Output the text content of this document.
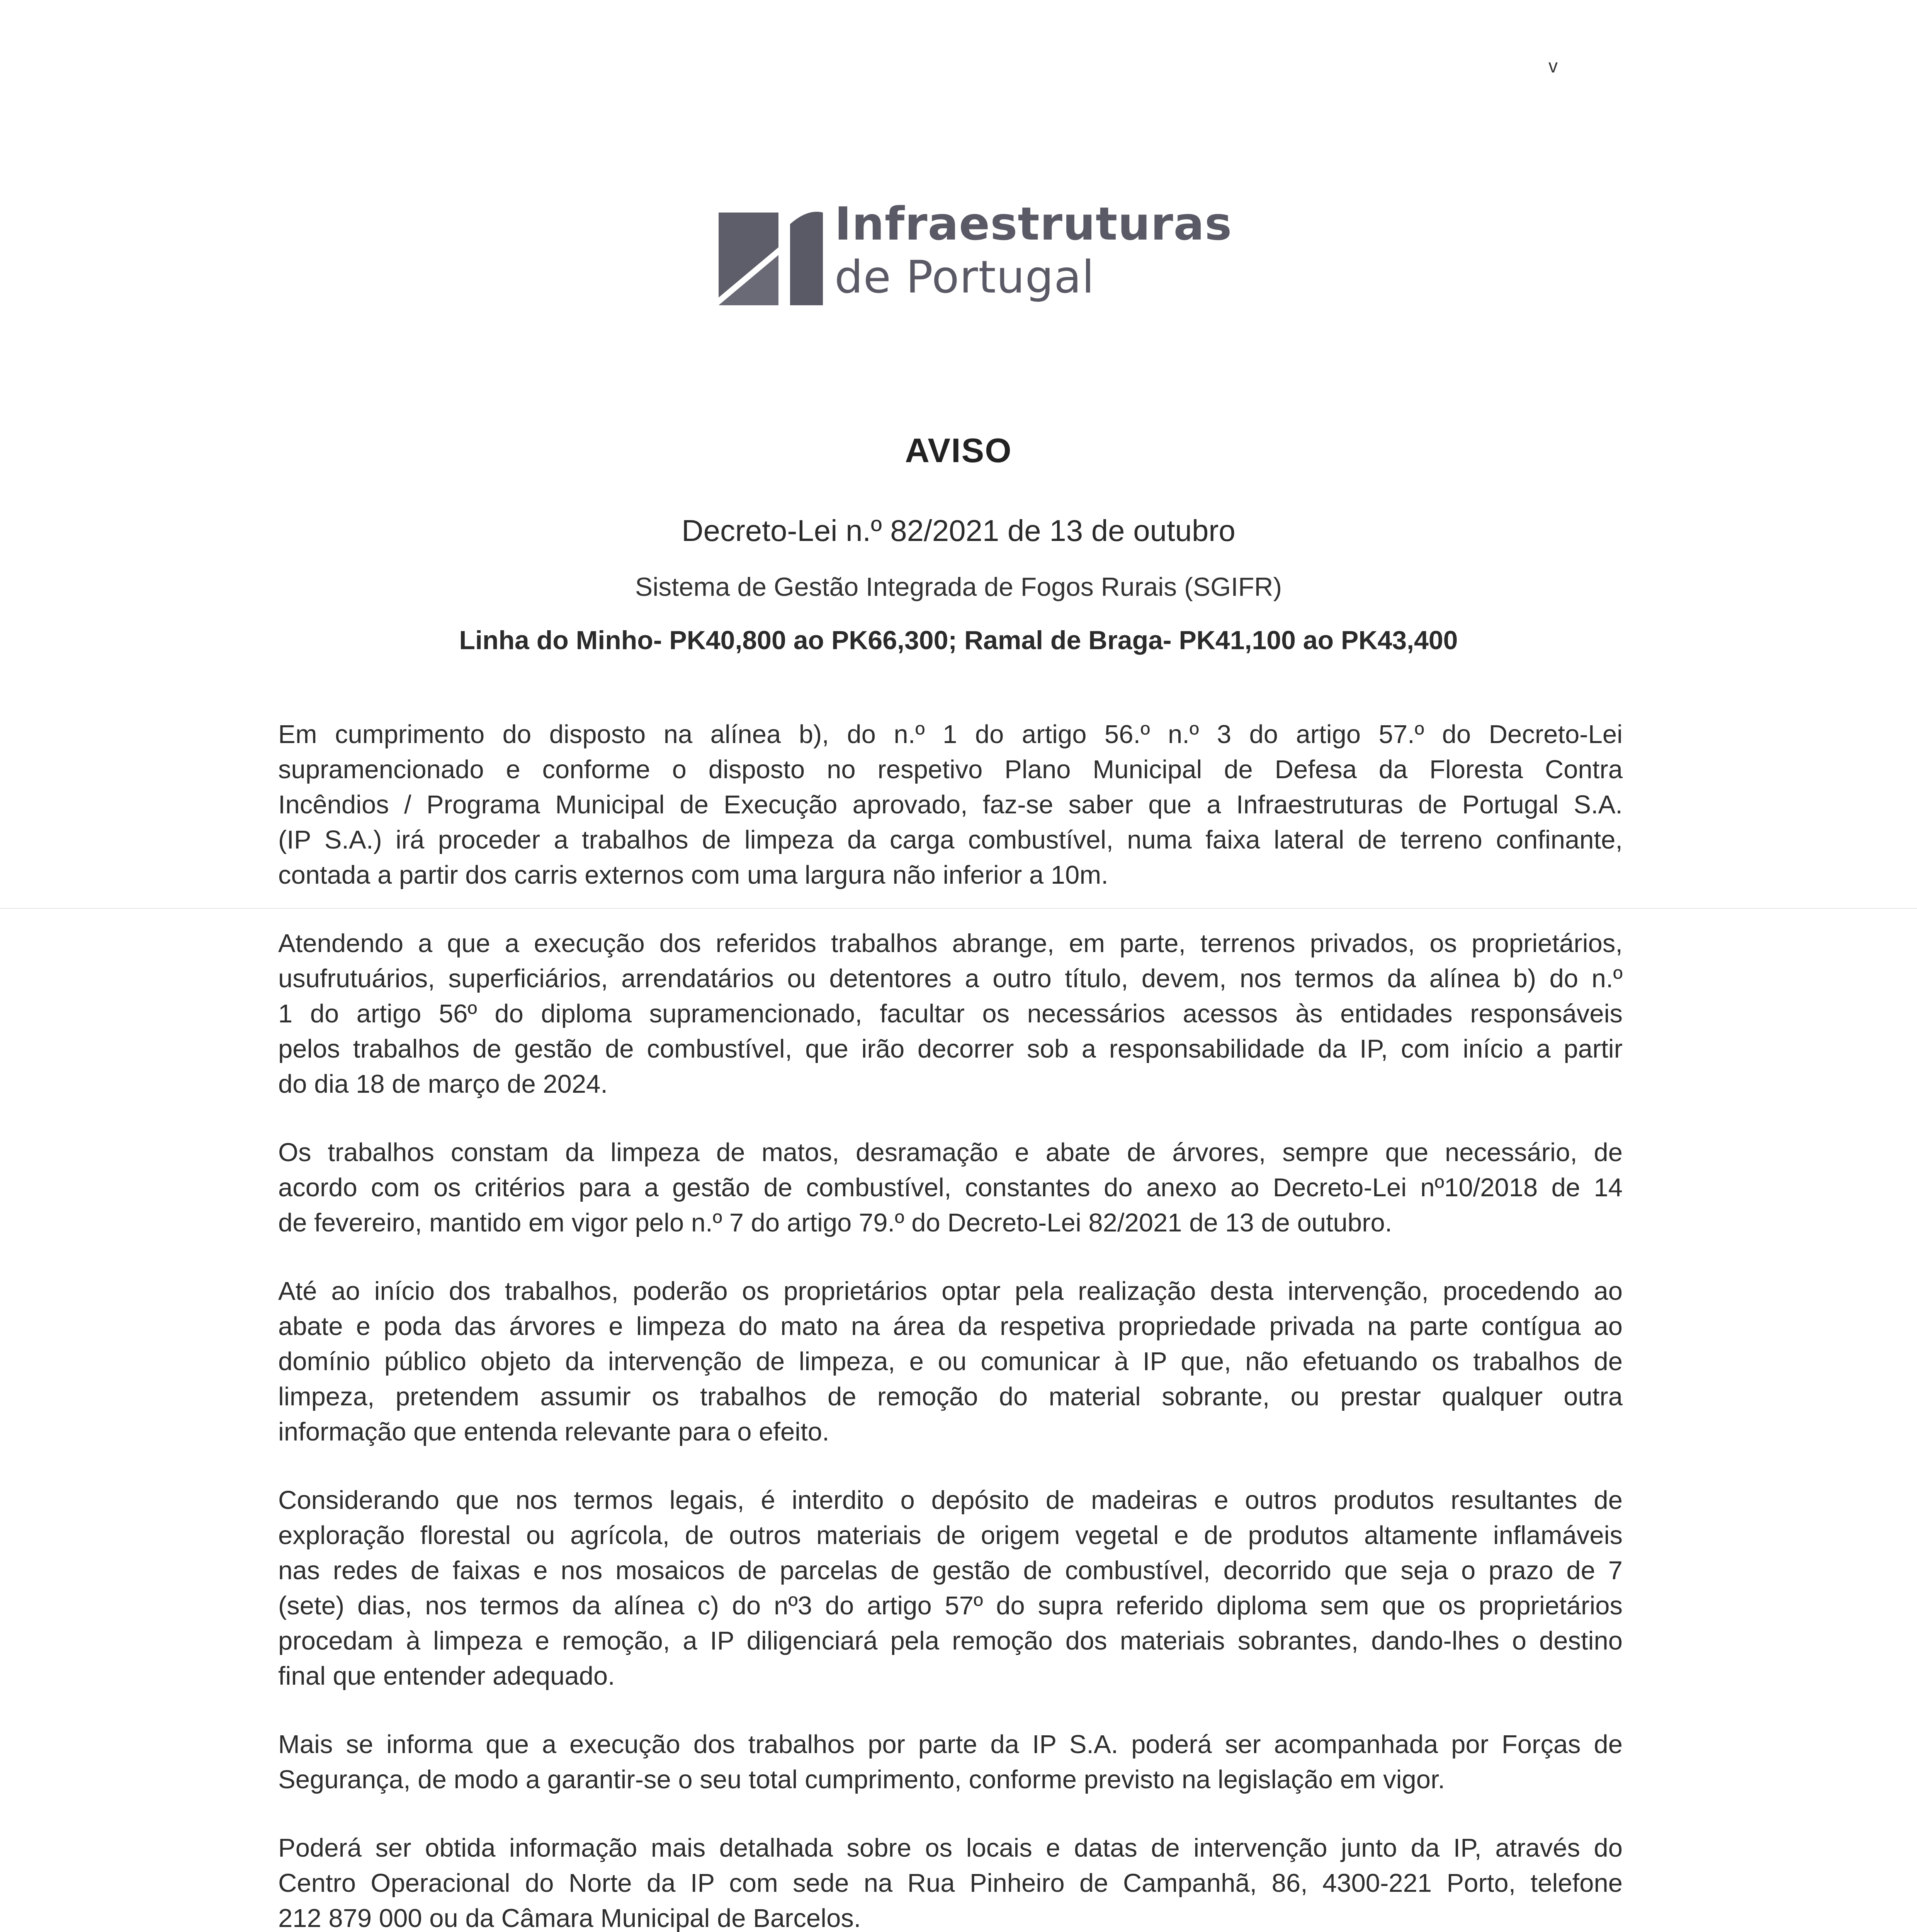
Infraestruturas
de Portugal
AVISO
Decreto-Lei n.º 82/2021 de 13 de outubro
Sistema de Gestão Integrada de Fogos Rurais (SGIFR)
Linha do Minho- PK40,800 ao PK66,300; Ramal de Braga- PK41,100 ao PK43,400
Em cumprimento do disposto na alínea b), do n.º 1 do artigo 56.º n.º 3 do artigo 57.º do Decreto-Lei
supramencionado e conforme o disposto no respetivo Plano Municipal de Defesa da Floresta Contra
Incêndios / Programa Municipal de Execução aprovado, faz-se saber que a Infraestruturas de Portugal S.A.
(IP S.A.) irá proceder a trabalhos de limpeza da carga combustível, numa faixa lateral de terreno confinante,
contada a partir dos carris externos com uma largura não inferior a 10m.
Atendendo a que a execução dos referidos trabalhos abrange, em parte, terrenos privados, os proprietários,
usufrutuários, superficiários, arrendatários ou detentores a outro título, devem, nos termos da alínea b) do n.º
1 do artigo 56º do diploma supramencionado, facultar os necessários acessos às entidades responsáveis
pelos trabalhos de gestão de combustível, que irão decorrer sob a responsabilidade da IP, com início a partir
do dia 18 de março de 2024.
Os trabalhos constam da limpeza de matos, desramação e abate de árvores, sempre que necessário, de
acordo com os critérios para a gestão de combustível, constantes do anexo ao Decreto-Lei nº10/2018 de 14
de fevereiro, mantido em vigor pelo n.º 7 do artigo 79.º do Decreto-Lei 82/2021 de 13 de outubro.
Até ao início dos trabalhos, poderão os proprietários optar pela realização desta intervenção, procedendo ao
abate e poda das árvores e limpeza do mato na área da respetiva propriedade privada na parte contígua ao
domínio público objeto da intervenção de limpeza, e ou comunicar à IP que, não efetuando os trabalhos de
limpeza, pretendem assumir os trabalhos de remoção do material sobrante, ou prestar qualquer outra
informação que entenda relevante para o efeito.
Considerando que nos termos legais, é interdito o depósito de madeiras e outros produtos resultantes de
exploração florestal ou agrícola, de outros materiais de origem vegetal e de produtos altamente inflamáveis
nas redes de faixas e nos mosaicos de parcelas de gestão de combustível, decorrido que seja o prazo de 7
(sete) dias, nos termos da alínea c) do nº3 do artigo 57º do supra referido diploma sem que os proprietários
procedam à limpeza e remoção, a IP diligenciará pela remoção dos materiais sobrantes, dando-lhes o destino
final que entender adequado.
Mais se informa que a execução dos trabalhos por parte da IP S.A. poderá ser acompanhada por Forças de
Segurança, de modo a garantir-se o seu total cumprimento, conforme previsto na legislação em vigor.
Poderá ser obtida informação mais detalhada sobre os locais e datas de intervenção junto da IP, através do
Centro Operacional do Norte da IP com sede na Rua Pinheiro de Campanhã, 86, 4300-221 Porto, telefone
212 879 000 ou da Câmara Municipal de Barcelos.
